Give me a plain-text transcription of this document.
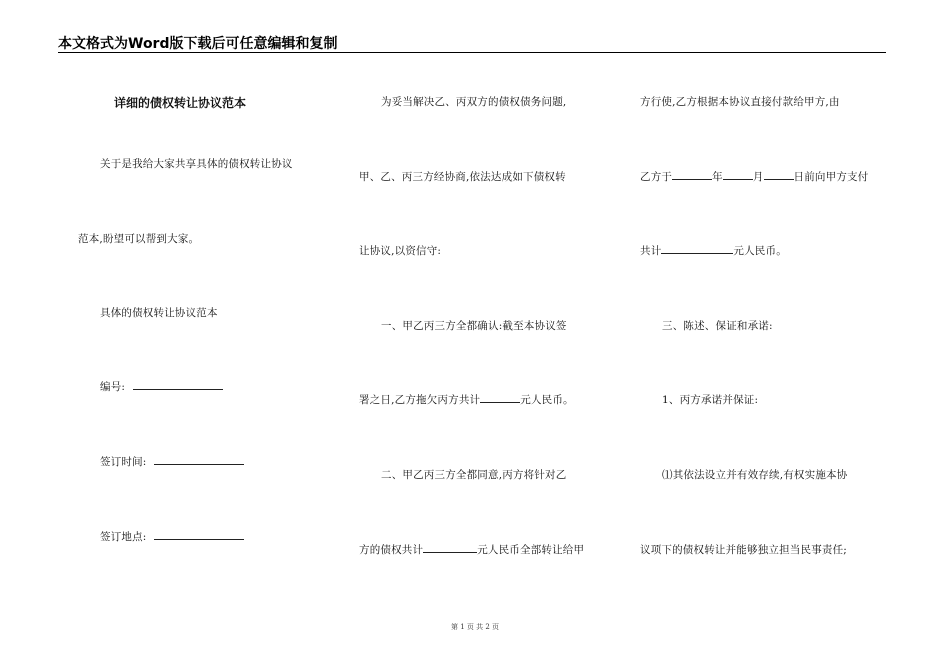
本文格式为Word版下载后可任意编辑和复制
详细的债权转让协议范本
关于是我给大家共享具体的债权转让协议
范本,盼望可以帮到大家。
具体的债权转让协议范本
编号:
签订时间:
签订地点:
为妥当解决乙、丙双方的债权债务问题,
甲、乙、丙三方经协商,依法达成如下债权转
让协议,以资信守:
一、甲乙丙三方全都确认:截至本协议签
署之日,乙方拖欠丙方共计	元人民币。
二、甲乙丙三方全都同意,丙方将针对乙
方的债权共计	元人民币全部转让给甲
方行使,乙方根据本协议直接付款给甲方,由
乙方于	年	月	日前向甲方支付
共计	元人民币。
三、陈述、保证和承诺:
1、丙方承诺并保证:
⑴其依法设立并有效存续,有权实施本协
议项下的债权转让并能够独立担当民事责任;
第 1 页 共 2 页
